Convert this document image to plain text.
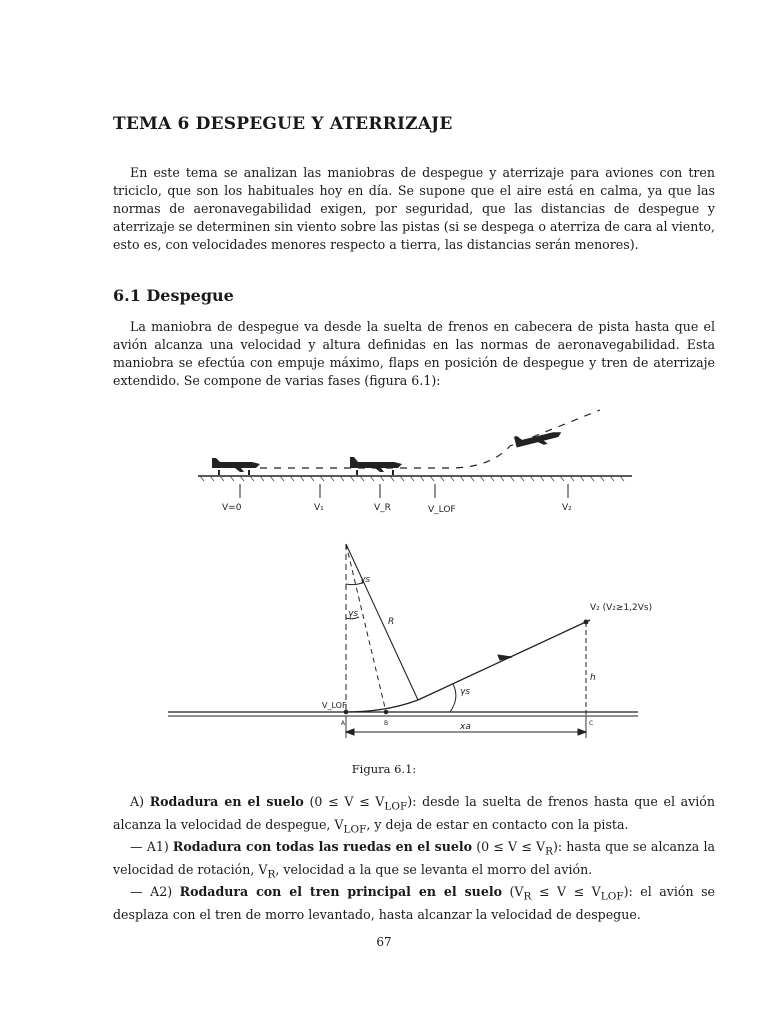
TEMA 6 DESPEGUE Y ATERRIZAJE
En este tema se analizan las maniobras de despegue y aterrizaje para aviones con tren triciclo, que son los habituales hoy en día. Se supone que el aire está en calma, ya que las normas de aeronavegabilidad exigen, por seguridad, que las distancias de despegue y aterrizaje se determinen sin viento sobre las pistas (si se despega o aterriza de cara al viento, esto es, con velocidades menores respecto a tierra, las distancias serán menores).
6.1 Despegue
La maniobra de despegue va desde la suelta de frenos en cabecera de pista hasta que el avión alcanza una velocidad y altura definidas en las normas de aeronavegabilidad. Esta maniobra se efectúa con empuje máximo, flaps en posición de despegue y tren de aterrizaje extendido. Se compone de varias fases (figura 6.1):
V=0	V₁	V_R	V_LOF	V₂
γs
γs
R
V₂ (V₂≥1,2Vs)
h
γs
V_LOF
xa
A	B	C
Figura 6.1:

A) Rodadura en el suelo $(0 \le V \le V_{LOF})$: desde la suelta de frenos hasta que el avión alcanza la velocidad de despegue, $V_{LOF}$, y deja de estar en contacto con la pista.

— A1) Rodadura con todas las ruedas en el suelo $(0 \le V \le V_R)$: hasta que se alcanza la velocidad de rotación, $V_R$, velocidad a la que se levanta el morro del avión.

— A2) Rodadura con el tren principal en el suelo $(V_R \le V \le V_{LOF})$: el avión se desplaza con el tren de morro levantado, hasta alcanzar la velocidad de despegue.

67
